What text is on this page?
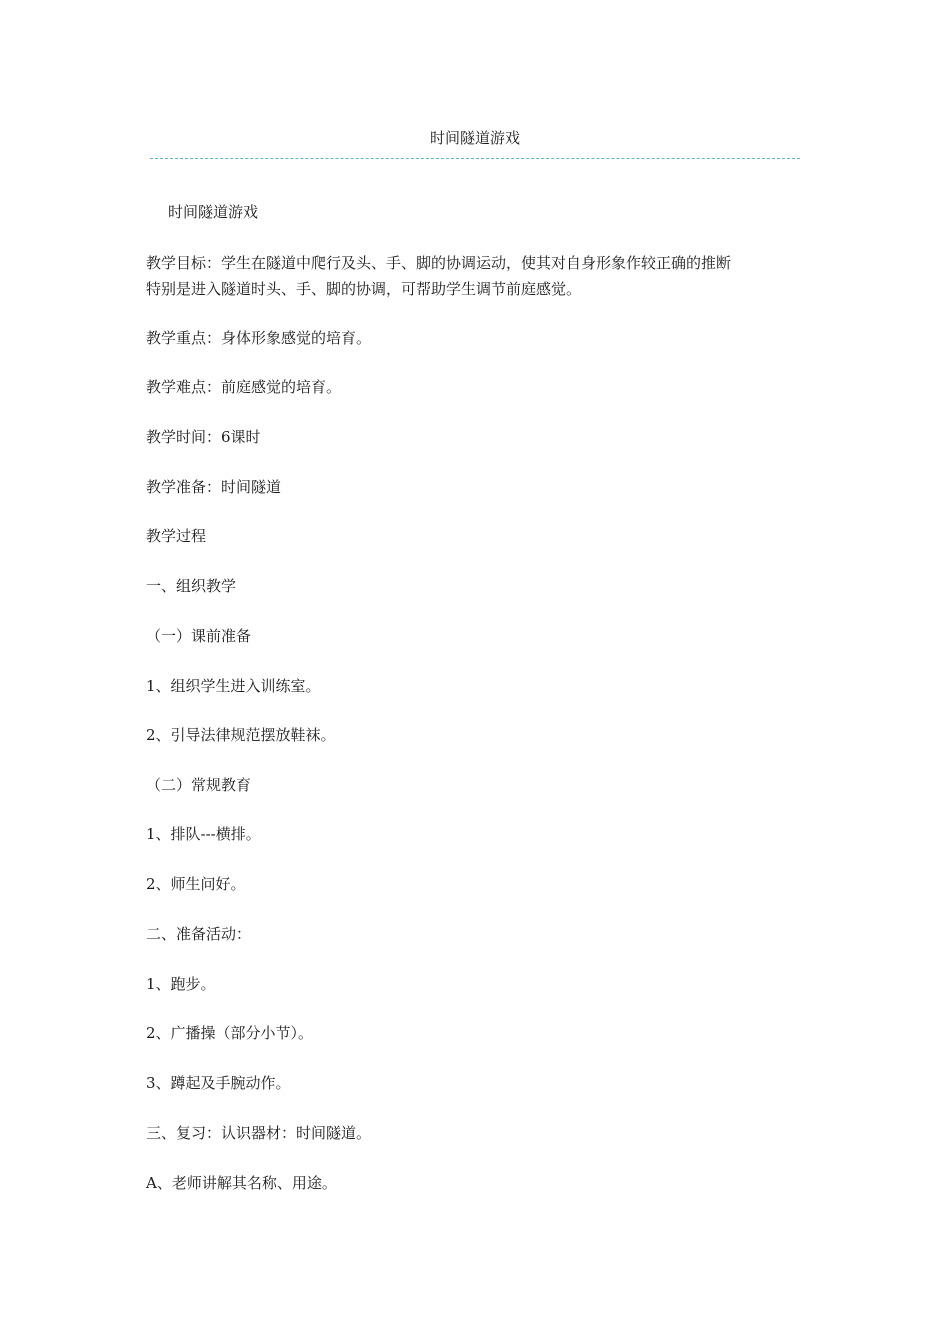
时间隧道游戏
时间隧道游戏
教学目标：学生在隧道中爬行及头、手、脚的协调运动，使其对自身形象作较正确的推断
特别是进入隧道时头、手、脚的协调，可帮助学生调节前庭感觉。
教学重点：身体形象感觉的培育。
教学难点：前庭感觉的培育。
教学时间：6课时
教学准备：时间隧道
教学过程
一、组织教学
（一）课前准备
1、组织学生进入训练室。
2、引导法律规范摆放鞋袜。
（二）常规教育
1、排队---横排。
2、师生问好。
二、准备活动：
1、跑步。
2、广播操（部分小节）。
3、蹲起及手腕动作。
三、复习：认识器材：时间隧道。
A、老师讲解其名称、用途。
